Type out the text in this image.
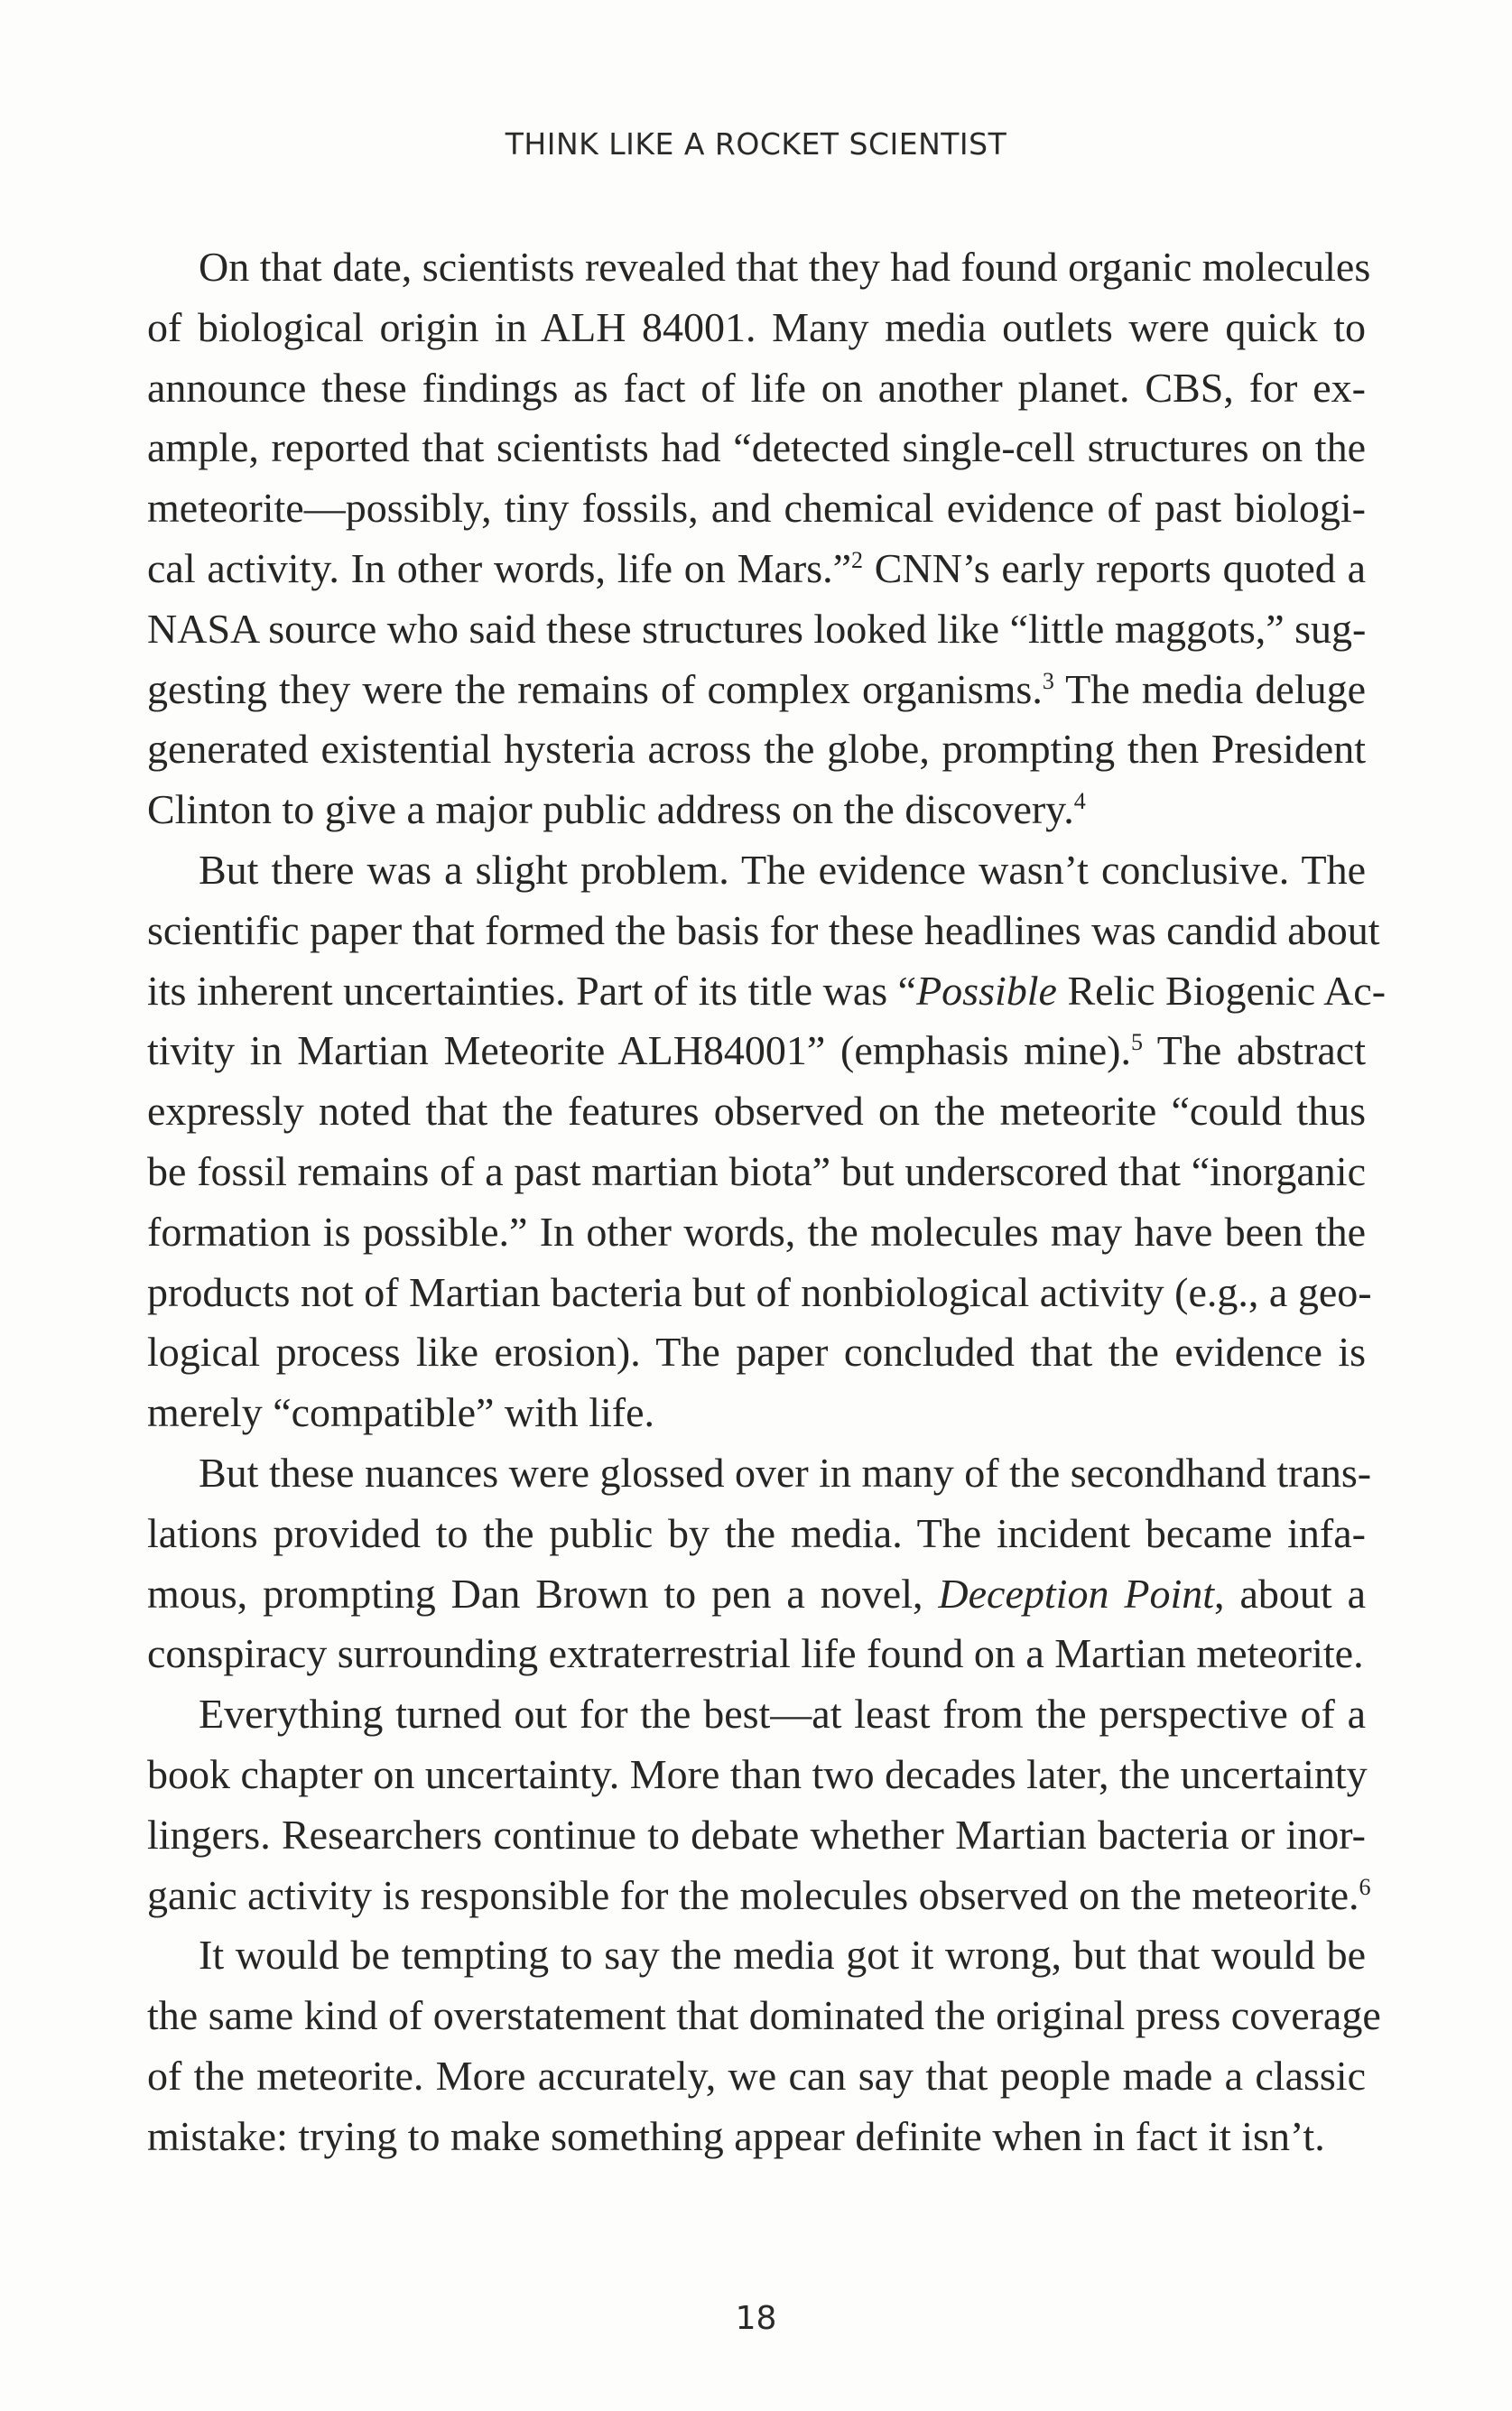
THINK LIKE A ROCKET SCIENTIST
On that date, scientists revealed that they had found organic molecules
of biological origin in ALH 84001. Many media outlets were quick to
announce these findings as fact of life on another planet. CBS, for ex-
ample, reported that scientists had “detected single-cell structures on the
meteorite—possibly, tiny fossils, and chemical evidence of past biologi-
cal activity. In other words, life on Mars.”$^2$ CNN’s early reports quoted a
NASA source who said these structures looked like “little maggots,” sug-
gesting they were the remains of complex organisms.$^3$ The media deluge
generated existential hysteria across the globe, prompting then President
Clinton to give a major public address on the discovery.$^4$
But there was a slight problem. The evidence wasn’t conclusive. The
scientific paper that formed the basis for these headlines was candid about
its inherent uncertainties. Part of its title was “Possible Relic Biogenic Ac-
tivity in Martian Meteorite ALH84001” (emphasis mine).$^5$ The abstract
expressly noted that the features observed on the meteorite “could thus
be fossil remains of a past martian biota” but underscored that “inorganic
formation is possible.” In other words, the molecules may have been the
products not of Martian bacteria but of nonbiological activity (e.g., a geo-
logical process like erosion). The paper concluded that the evidence is
merely “compatible” with life.
But these nuances were glossed over in many of the secondhand trans-
lations provided to the public by the media. The incident became infa-
mous, prompting Dan Brown to pen a novel, Deception Point, about a
conspiracy surrounding extraterrestrial life found on a Martian meteorite.
Everything turned out for the best—at least from the perspective of a
book chapter on uncertainty. More than two decades later, the uncertainty
lingers. Researchers continue to debate whether Martian bacteria or inor-
ganic activity is responsible for the molecules observed on the meteorite.$^6$
It would be tempting to say the media got it wrong, but that would be
the same kind of overstatement that dominated the original press coverage
of the meteorite. More accurately, we can say that people made a classic
mistake: trying to make something appear definite when in fact it isn’t.
18
